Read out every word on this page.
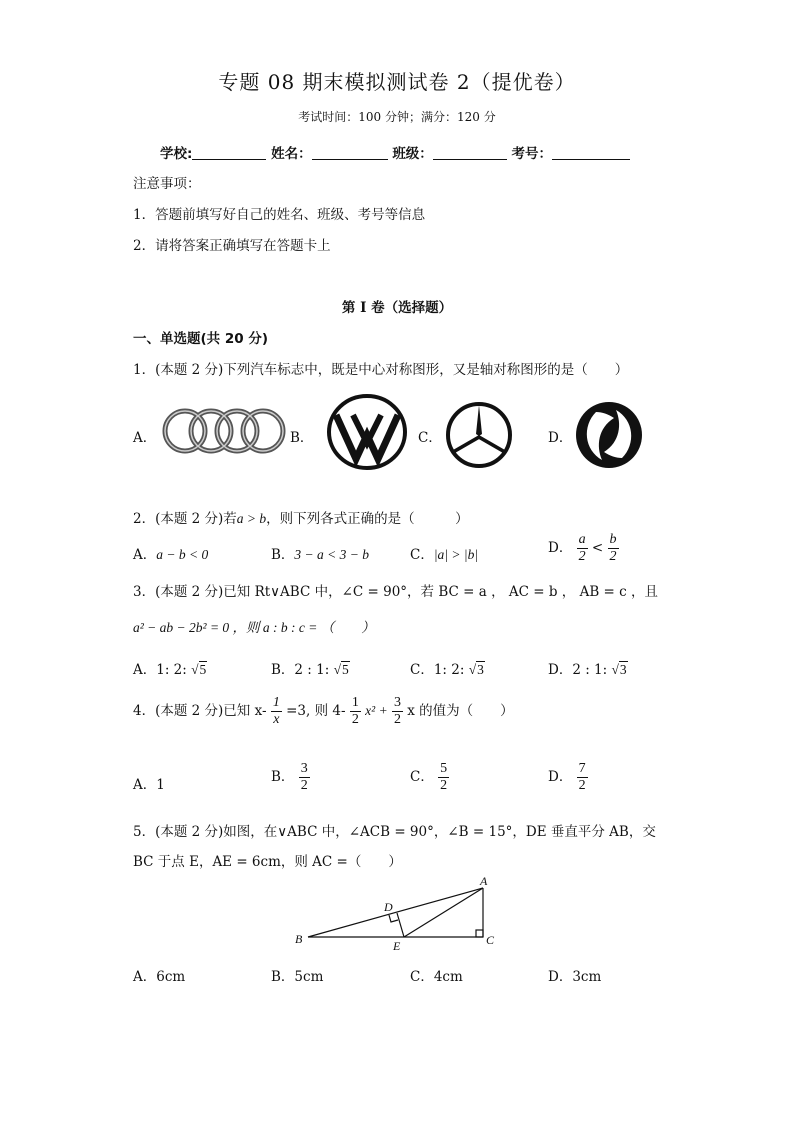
专题 08 期末模拟测试卷 2（提优卷）
考试时间：100 分钟；满分：120 分
学校:	姓名：	班级：	考号：
注意事项：
1．答题前填写好自己的姓名、班级、考号等信息
2．请将答案正确填写在答题卡上
第 I 卷（选择题）
一、单选题(共 20 分)
1．(本题 2 分)下列汽车标志中，既是中心对称图形，又是轴对称图形的是（　　）
A．	B．	C．	D．
2．(本题 2 分)若a > b，则下列各式正确的是（　　　）
A．a − b < 0	B．3 − a < 3 − b	C．|a| > |b|	D． $\frac{a}{2} < \frac{b}{2}$
3．(本题 2 分)已知 Rt∨ABC 中，∠C = 90°，若 BC = a ， AC = b ， AB = c ，且
a² − ab − 2b² = 0 ，则 a : b : c = （　　）
A．1: 2: √5	B．2 : 1: √5	C．1: 2: √3	D．2 : 1: √3
4．(本题 2 分)已知 $x- \frac{1}{x} =3$, 则 $4- \frac{1}{2} x^2 + \frac{3}{2}$ x 的值为（　　）
A．1	B． $\frac{3}{2}$	C． $\frac{5}{2}$	D． $\frac{7}{2}$
5．(本题 2 分)如图，在∨ABC 中，∠ACB = 90°，∠B = 15°，DE 垂直平分 AB，交
BC 于点 E，AE = 6cm，则 AC =（　　）
A
B	C
D
E
A．6cm	B．5cm	C．4cm	D．3cm
